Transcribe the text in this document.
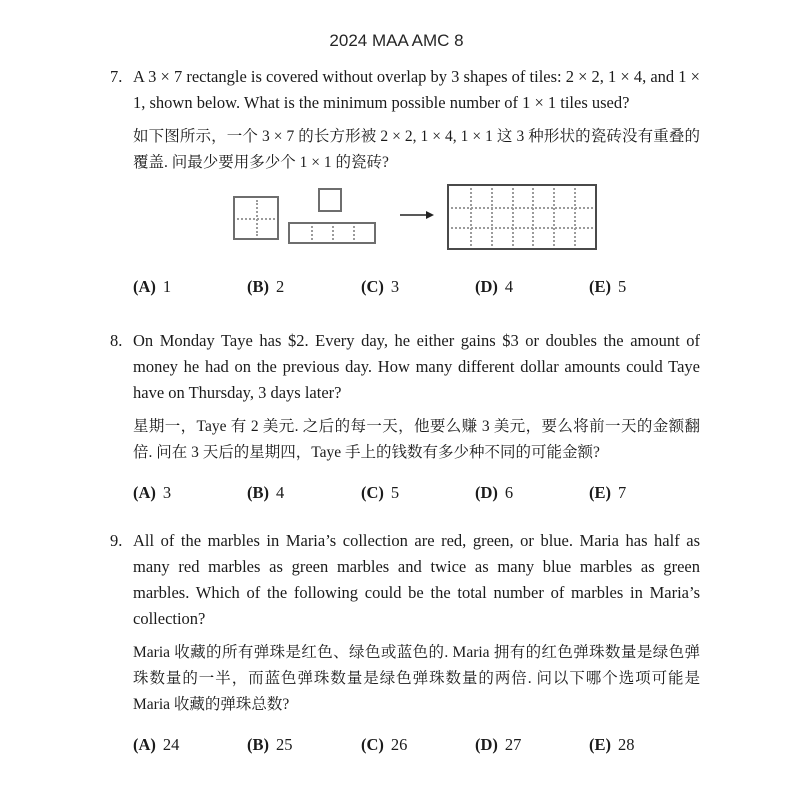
2024 MAA AMC 8
7. A 3 × 7 rectangle is covered without overlap by 3 shapes of tiles: 2 × 2, 1 × 4, and 1 × 1, shown below. What is the minimum possible number of 1 × 1 tiles used?
如下图所示，一个 3 × 7 的长方形被 2 × 2, 1 × 4, 1 × 1 这 3 种形状的瓷砖没有重叠的覆盖. 问最少要用多少个 1 × 1 的瓷砖?
(A) 1	(B) 2	(C) 3	(D) 4	(E) 5
8. On Monday Taye has $2. Every day, he either gains $3 or doubles the amount of money he had on the previous day. How many different dollar amounts could Taye have on Thursday, 3 days later?
星期一，Taye 有 2 美元. 之后的每一天，他要么赚 3 美元，要么将前一天的金额翻倍. 问在 3 天后的星期四，Taye 手上的钱数有多少种不同的可能金额?
(A) 3	(B) 4	(C) 5	(D) 6	(E) 7
9. All of the marbles in Maria’s collection are red, green, or blue. Maria has half as many red marbles as green marbles and twice as many blue marbles as green marbles. Which of the following could be the total number of marbles in Maria’s collection?
Maria 收藏的所有弹珠是红色、绿色或蓝色的. Maria 拥有的红色弹珠数量是绿色弹珠数量的一半，而蓝色弹珠数量是绿色弹珠数量的两倍. 问以下哪个选项可能是 Maria 收藏的弹珠总数?
(A) 24	(B) 25	(C) 26	(D) 27	(E) 28
